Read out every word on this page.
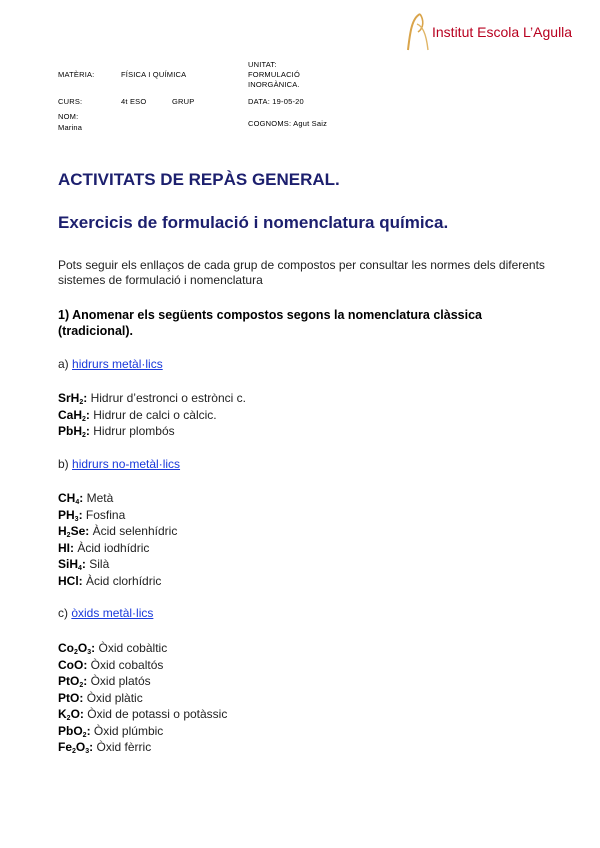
Institut Escola L’Agulla
MATÈRIA:	FÍSICA I QUÍMICA
UNITAT:
FORMULACIÓ
INORGÀNICA.
CURS:	4t ESO	GRUP	DATA: 19-05-20
NOM:
Marina	COGNOMS: Agut Saiz
ACTIVITATS DE REPÀS GENERAL.
Exercicis de formulació i nomenclatura química.
Pots seguir els enllaços de cada grup de compostos per consultar les normes dels diferents sistemes de formulació i nomenclatura
1) Anomenar els següents compostos segons la nomenclatura clàssica (tradicional).
a) hidrurs metàl·lics
SrH$_2$: Hidrur d’estronci o estrònci c.
CaH$_2$: Hidrur de calci o càlcic.
PbH$_2$: Hidrur plombós
b) hidrurs no-metàl·lics
$CH_4$: Metà
$PH_3$: Fosfina
$H_2Se$: Àcid selenhídric
HI: Àcid iodhídric
SiH$_4$: Silà
HCl: Àcid clorhídric
c) òxids metàl·lics
$Co_2O_3$: Òxid cobàltic
CoO: Òxid cobaltós
PtO$_2$: Òxid platós
PtO: Òxid plàtic
$K_2O$: Òxid de potassi o potàssic
PbO$_2$: Òxid plúmbic
$Fe_2O_3$: Òxid fèrric
